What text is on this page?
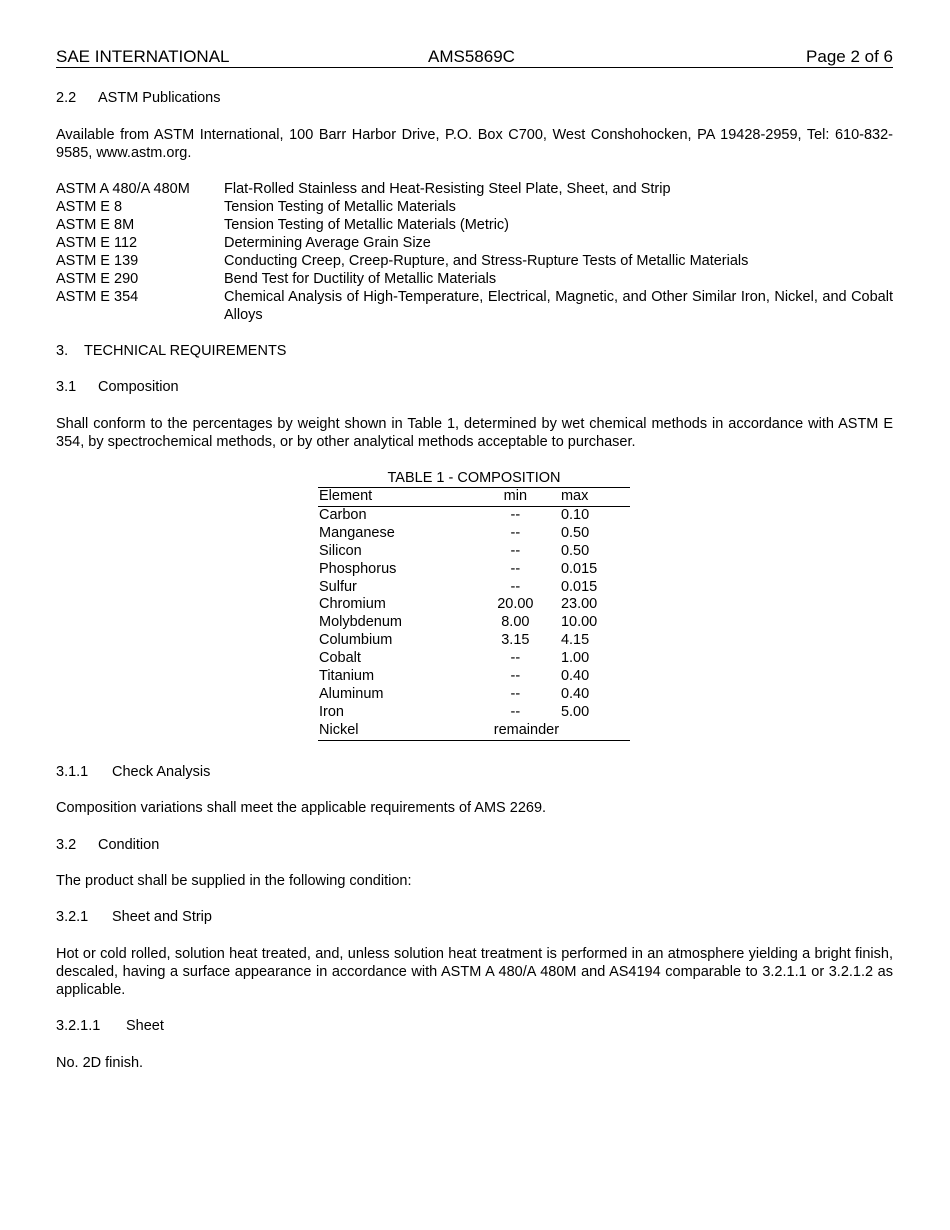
SAE INTERNATIONAL	AMS5869C	Page 2 of 6
2.2	ASTM Publications

Available from ASTM International, 100 Barr Harbor Drive, P.O. Box C700, West Conshohocken, PA 19428-2959, Tel: 610-832-9585, www.astm.org.

ASTM A 480/A 480M	Flat-Rolled Stainless and Heat-Resisting Steel Plate, Sheet, and Strip
ASTM E 8	Tension Testing of Metallic Materials
ASTM E 8M	Tension Testing of Metallic Materials (Metric)
ASTM E 112	Determining Average Grain Size
ASTM E 139	Conducting Creep, Creep-Rupture, and Stress-Rupture Tests of Metallic Materials
ASTM E 290	Bend Test for Ductility of Metallic Materials
ASTM E 354	Chemical Analysis of High-Temperature, Electrical, Magnetic, and Other Similar Iron, Nickel, and Cobalt Alloys
3.	TECHNICAL REQUIREMENTS
3.1	Composition

Shall conform to the percentages by weight shown in Table 1, determined by wet chemical methods in accordance with ASTM E 354, by spectrochemical methods, or by other analytical methods acceptable to purchaser.

TABLE 1 - COMPOSITION
Element	min	max
Carbon	--	0.10
Manganese	--	0.50
Silicon	--	0.50
Phosphorus	--	0.015
Sulfur	--	0.015
Chromium	20.00	23.00
Molybdenum	8.00	10.00
Columbium	3.15	4.15
Cobalt	--	1.00
Titanium	--	0.40
Aluminum	--	0.40
Iron	--	5.00
Nickel	remainder	
3.1.1	Check Analysis

Composition variations shall meet the applicable requirements of AMS 2269.

3.2	Condition

The product shall be supplied in the following condition:

3.2.1	Sheet and Strip

Hot or cold rolled, solution heat treated, and, unless solution heat treatment is performed in an atmosphere yielding a bright finish, descaled, having a surface appearance in accordance with ASTM A 480/A 480M and AS4194 comparable to 3.2.1.1 or 3.2.1.2 as applicable.

3.2.1.1	Sheet

No. 2D finish.
